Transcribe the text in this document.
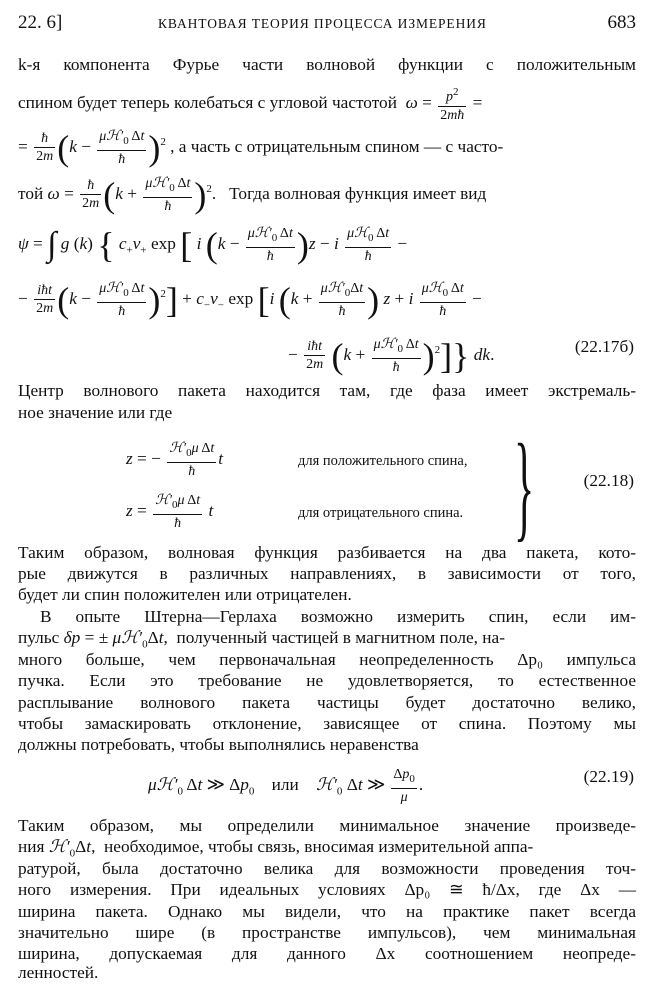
22. 6]	КВАНТОВАЯ ТЕОРИЯ ПРОЦЕССА ИЗМЕРЕНИЯ	683
k-я компонента Фурье части волновой функции с положительным
спином будет теперь колебаться с угловой частотой $\omega = \frac{p^2}{2mħ}$ =
= $\frac{ħ}{2m} (k - \frac{\mu ℋ'_0 \Delta t}{ħ} )^2$ , а часть с отрицательным спином — с часто-
той $\omega = \frac{ħ}{2m} (k + \frac{\mu ℋ'_0 \Delta t}{ħ} )^2$.   Тогда волновая функция имеет вид
ψ = ∫ g (k) { $c_+v_+$ exp [ i $(k - \frac{\mu ℋ'_0 \Delta t}{ħ} )z - i \frac{\mu ℋ_0 \Delta t}{ħ}$ −
− $\frac{\text{iħt}}{2m} (k - \frac{\mu ℋ'_0 \Delta t}{ħ} )^2] + c_-v_-$ exp [i ($k + \frac{\mu ℋ'_0\Delta t}{ħ}$ ) z + i $\frac{\mu ℋ_0 \Delta t}{ħ}$ −
− $\frac{\text{iħt}}{2m} (k + \frac{\mu ℋ'_0 \Delta t}{ħ} )^2$]} dk.	(22.17б)
Центр волнового пакета находится там, где фаза имеет экстремаль-
ное значение или где
z = − $\frac{ℋ'_0\mu \Delta t}{ħ}$ t	для положительного спина,
$z = \frac{ℋ'_0\mu \Delta t}{ħ}$ t	для отрицательного спина. }	(22.18)
Таким образом, волновая функция разбивается на два пакета, кото-
рые движутся в различных направлениях, в зависимости от того,
будет ли спин положителен или отрицателен.
В опыте Штерна—Герлаха возможно измерить спин, если им-
пульс δp = ± $\mu ℋ'_0\Delta t$,  полученный частицей в магнитном поле, на-
много больше, чем первоначальная неопределенность Δp₀ импульса
пучка. Если это требование не удовлетворяется, то естественное
расплывание волнового пакета частицы будет достаточно велико,
чтобы замаскировать отклонение, зависящее от спина. Поэтому мы
должны потребовать, чтобы выполнялись неравенства
$\mu ℋ'_0$ Δt ≫ $\Delta p_0$ или $ℋ'_0$ Δt ≫ $\frac{\Delta p_0}{\mu}$ .	(22.19)
Таким образом, мы определили минимальное значение произведе-
ния $ℋ'_0\Delta t$,  необходимое, чтобы связь, вносимая измерительной аппа-
ратурой, была достаточно велика для возможности проведения точ-
ного измерения. При идеальных условиях Δp₀ ≅ ħ/Δx, где Δx —
ширина пакета. Однако мы видели, что на практике пакет всегда
значительно шире (в пространстве импульсов), чем минимальная
ширина, допускаемая для данного Δx соотношением неопреде-
ленностей.
